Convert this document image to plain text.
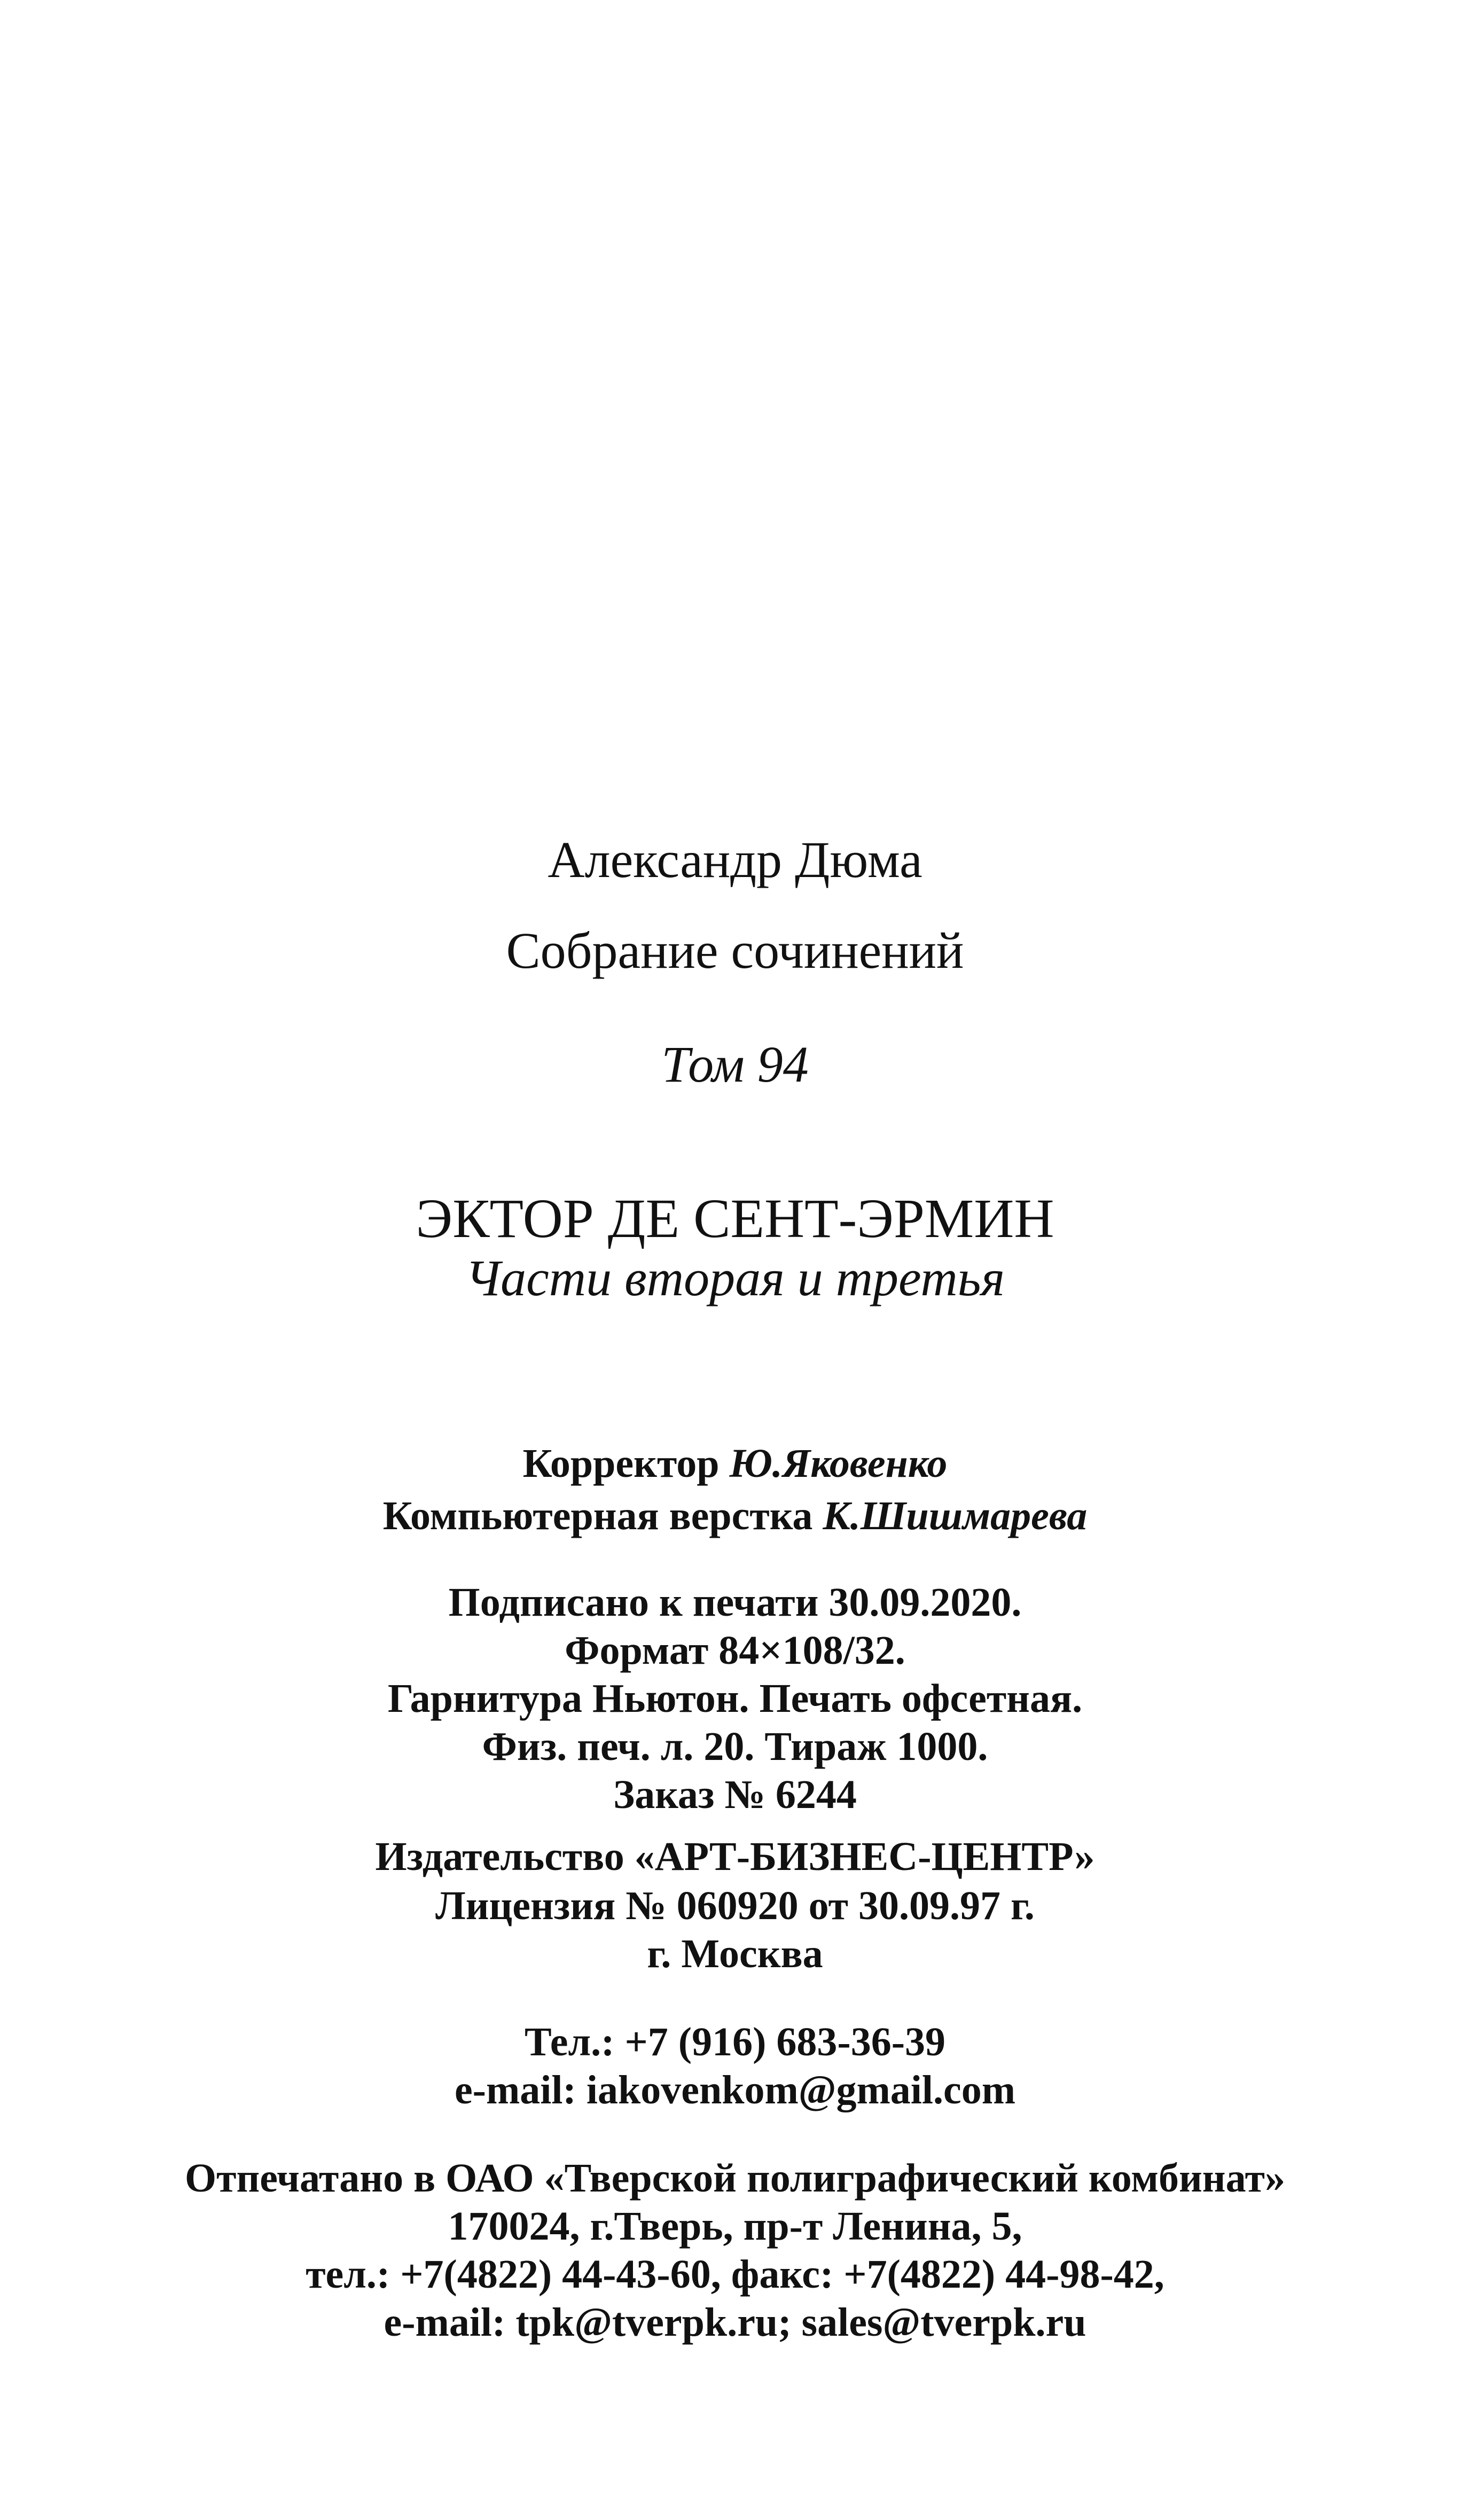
Александр Дюма
Собрание сочинений
Том 94
ЭКТОР ДЕ СЕНТ-ЭРМИН
Части вторая и третья
Корректор Ю.Яковенко
Компьютерная верстка К.Шишмарева
Подписано к печати 30.09.2020.
Формат 84×108/32.
Гарнитура Ньютон. Печать офсетная.
Физ. печ. л. 20. Тираж 1000.
Заказ № 6244
Издательство «АРТ-БИЗНЕС-ЦЕНТР»
Лицензия № 060920 от 30.09.97 г.
г. Москва
Тел.: +7 (916) 683-36-39
e-mail: iakovenkom@gmail.com
Отпечатано в ОАО «Тверской полиграфический комбинат»
170024, г.Тверь, пр-т Ленина, 5,
тел.: +7(4822) 44-43-60, факс: +7(4822) 44-98-42,
e-mail: tpk@tverpk.ru; sales@tverpk.ru
